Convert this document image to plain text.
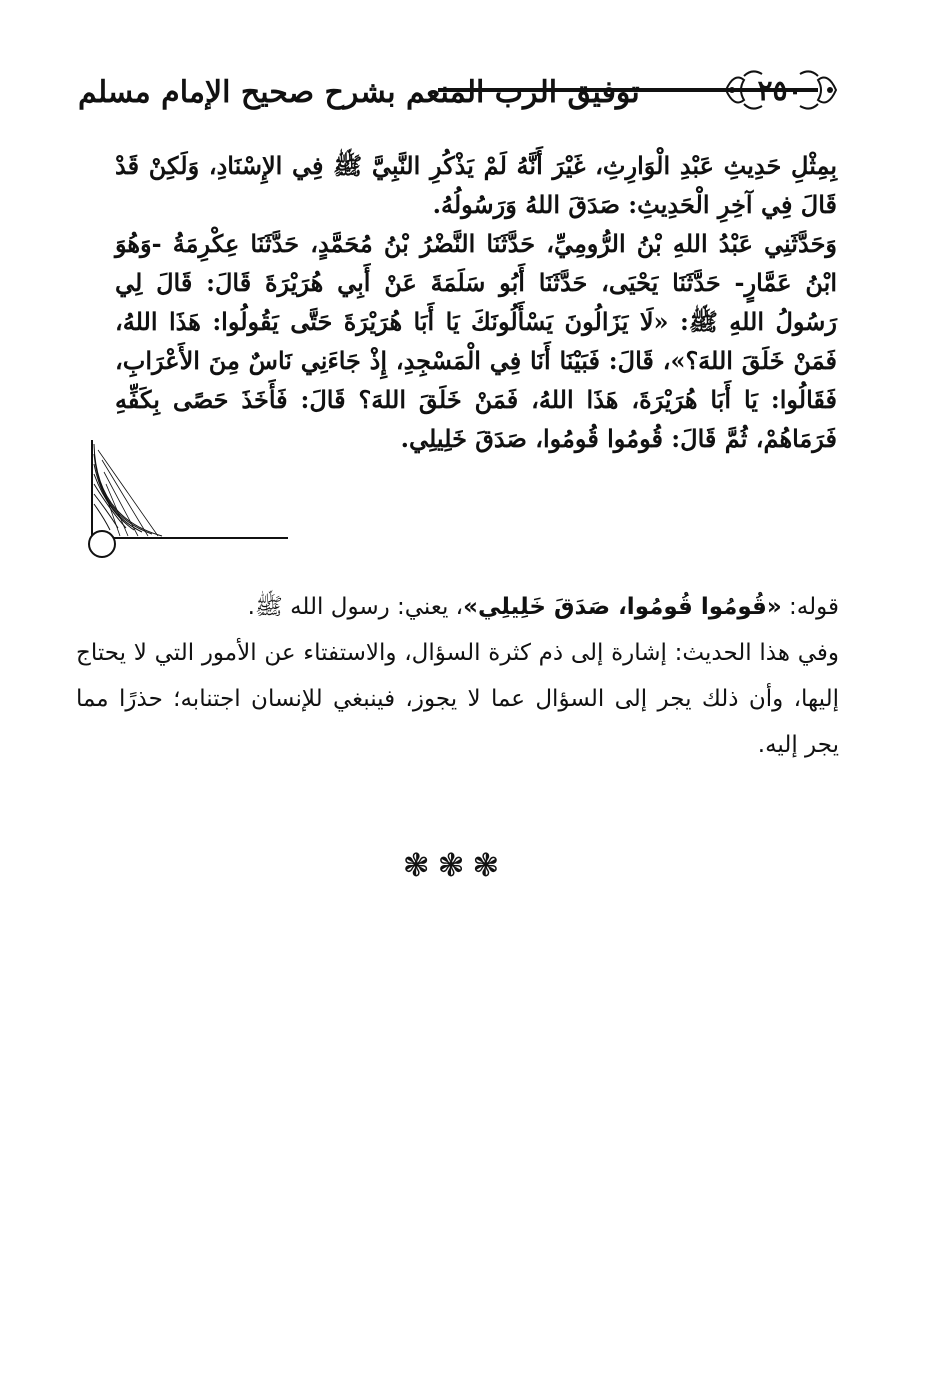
توفيق الرب المنعم بشرح صحيح الإمام مسلم	٢٥٠

بِمِثْلِ حَدِيثِ عَبْدِ الْوَارِثِ، غَيْرَ أَنَّهُ لَمْ يَذْكُرِ النَّبِيَّ ﷺ فِي الإِسْنَادِ، وَلَكِنْ قَدْ قَالَ فِي آخِرِ الْحَدِيثِ: صَدَقَ اللهُ وَرَسُولُهُ.

وَحَدَّثَنِي عَبْدُ اللهِ بْنُ الرُّومِيِّ، حَدَّثَنَا النَّضْرُ بْنُ مُحَمَّدٍ، حَدَّثَنَا عِكْرِمَةُ -وَهُوَ ابْنُ عَمَّارٍ- حَدَّثَنَا يَحْيَى، حَدَّثَنَا أَبُو سَلَمَةَ عَنْ أَبِي هُرَيْرَةَ قَالَ: قَالَ لِي رَسُولُ اللهِ ﷺ: «لَا يَزَالُونَ يَسْأَلُونَكَ يَا أَبَا هُرَيْرَةَ حَتَّى يَقُولُوا: هَذَا اللهُ، فَمَنْ خَلَقَ اللهَ؟»، قَالَ: فَبَيْنَا أَنَا فِي الْمَسْجِدِ، إِذْ جَاءَنِي نَاسٌ مِنَ الأَعْرَابِ، فَقَالُوا: يَا أَبَا هُرَيْرَةَ، هَذَا اللهُ، فَمَنْ خَلَقَ اللهَ؟ قَالَ: فَأَخَذَ حَصًى بِكَفِّهِ فَرَمَاهُمْ، ثُمَّ قَالَ: قُومُوا قُومُوا، صَدَقَ خَلِيلِي.

قوله: «قُومُوا قُومُوا، صَدَقَ خَلِيلِي»، يعني: رسول الله ﷺ.

وفي هذا الحديث: إشارة إلى ذم كثرة السؤال، والاستفتاء عن الأمور التي لا يحتاج إليها، وأن ذلك يجر إلى السؤال عما لا يجوز، فينبغي للإنسان اجتنابه؛ حذرًا مما يجر إليه.

❃❃❃
